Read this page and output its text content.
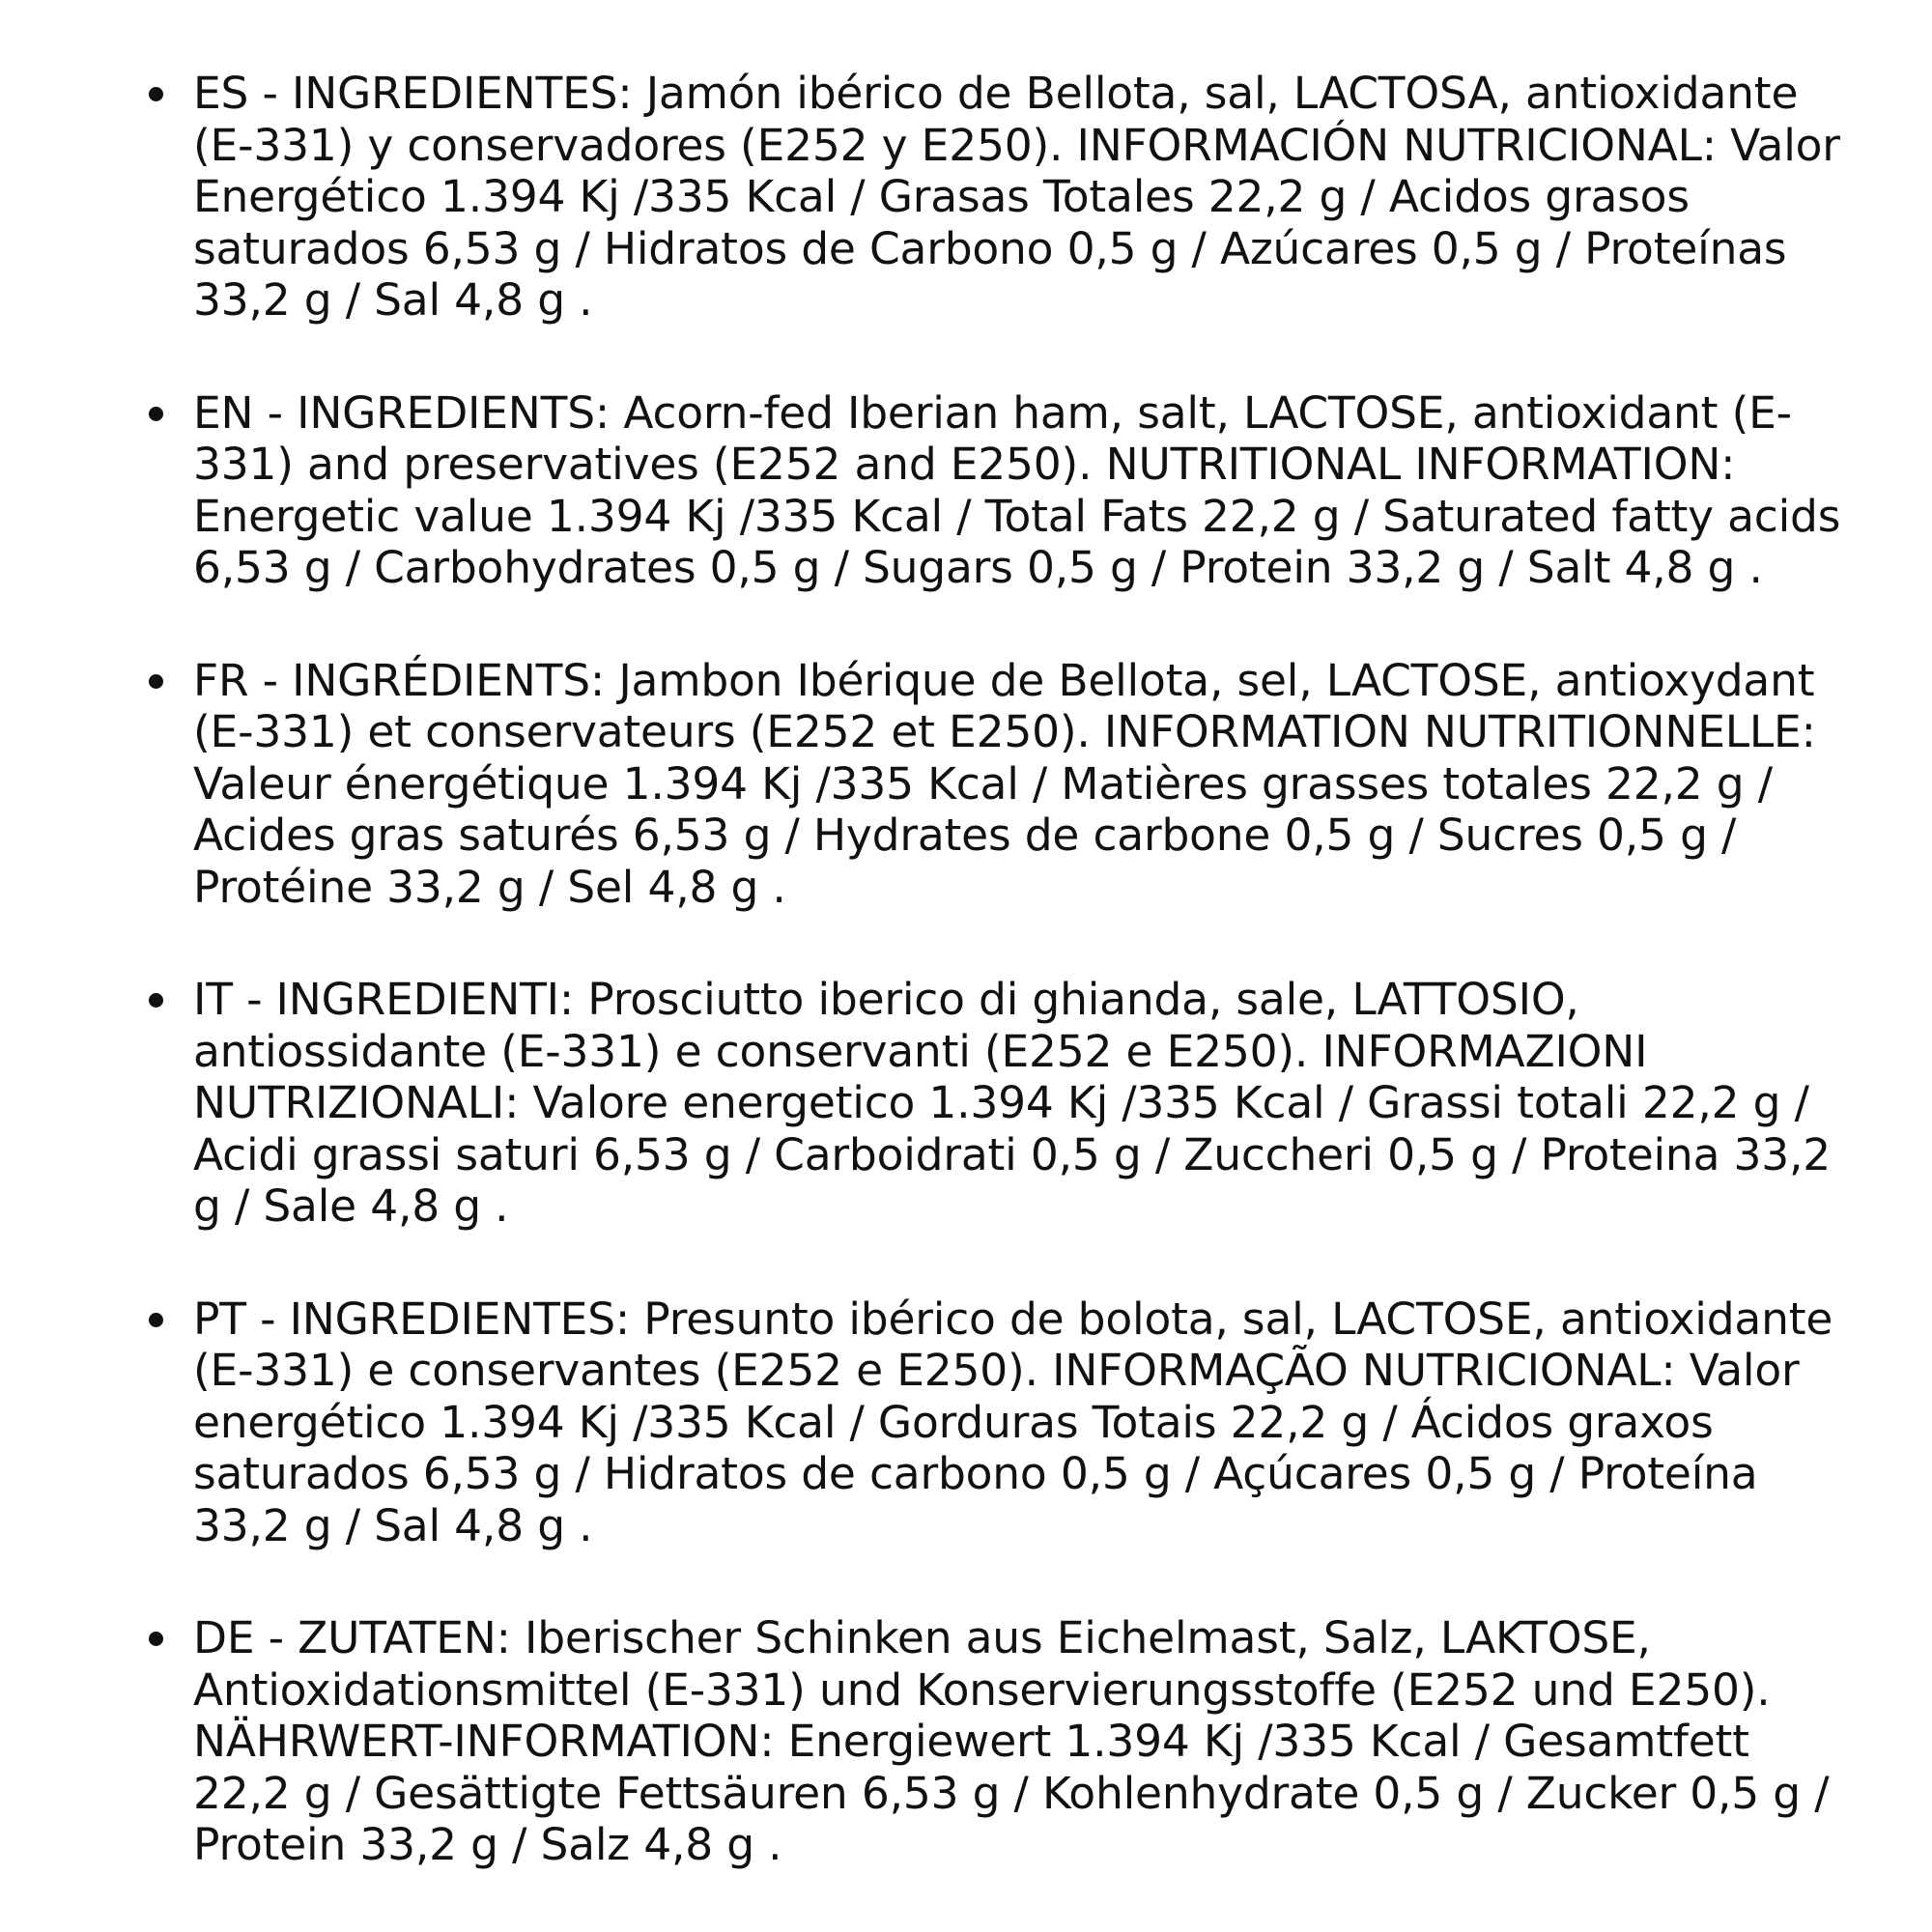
ES - INGREDIENTES: Jamón ibérico de Bellota, sal, LACTOSA, antioxidante (E-331) y conservadores (E252 y E250). INFORMACIÓN NUTRICIONAL: Valor Energético 1.394 Kj /335 Kcal / Grasas Totales 22,2 g / Acidos grasos saturados 6,53 g / Hidratos de Carbono 0,5 g / Azúcares 0,5 g / Proteínas 33,2 g / Sal 4,8 g .
EN - INGREDIENTS: Acorn-fed Iberian ham, salt, LACTOSE, antioxidant (E-331) and preservatives (E252 and E250). NUTRITIONAL INFORMATION: Energetic value 1.394 Kj /335 Kcal / Total Fats 22,2 g / Saturated fatty acids 6,53 g / Carbohydrates 0,5 g / Sugars 0,5 g / Protein 33,2 g / Salt 4,8 g .
FR - INGRÉDIENTS: Jambon Ibérique de Bellota, sel, LACTOSE, antioxydant (E-331) et conservateurs (E252 et E250). INFORMATION NUTRITIONNELLE: Valeur énergétique 1.394 Kj /335 Kcal / Matières grasses totales 22,2 g / Acides gras saturés 6,53 g / Hydrates de carbone 0,5 g / Sucres 0,5 g / Protéine 33,2 g / Sel 4,8 g .
IT - INGREDIENTI: Prosciutto iberico di ghianda, sale, LATTOSIO, antiossidante (E-331) e conservanti (E252 e E250). INFORMAZIONI NUTRIZIONALI: Valore energetico 1.394 Kj /335 Kcal / Grassi totali 22,2 g / Acidi grassi saturi 6,53 g / Carboidrati 0,5 g / Zuccheri 0,5 g / Proteina 33,2 g / Sale 4,8 g .
PT - INGREDIENTES: Presunto ibérico de bolota, sal, LACTOSE, antioxidante (E-331) e conservantes (E252 e E250). INFORMAÇÃO NUTRICIONAL: Valor energético 1.394 Kj /335 Kcal / Gorduras Totais 22,2 g / Ácidos graxos saturados 6,53 g / Hidratos de carbono 0,5 g / Açúcares 0,5 g / Proteína 33,2 g / Sal 4,8 g .
DE - ZUTATEN: Iberischer Schinken aus Eichelmast, Salz, LAKTOSE, Antioxidationsmittel (E-331) und Konservierungsstoffe (E252 und E250). NÄHRWERT-INFORMATION: Energiewert 1.394 Kj /335 Kcal / Gesamtfett 22,2 g / Gesättigte Fettsäuren 6,53 g / Kohlenhydrate 0,5 g / Zucker 0,5 g / Protein 33,2 g / Salz 4,8 g .
